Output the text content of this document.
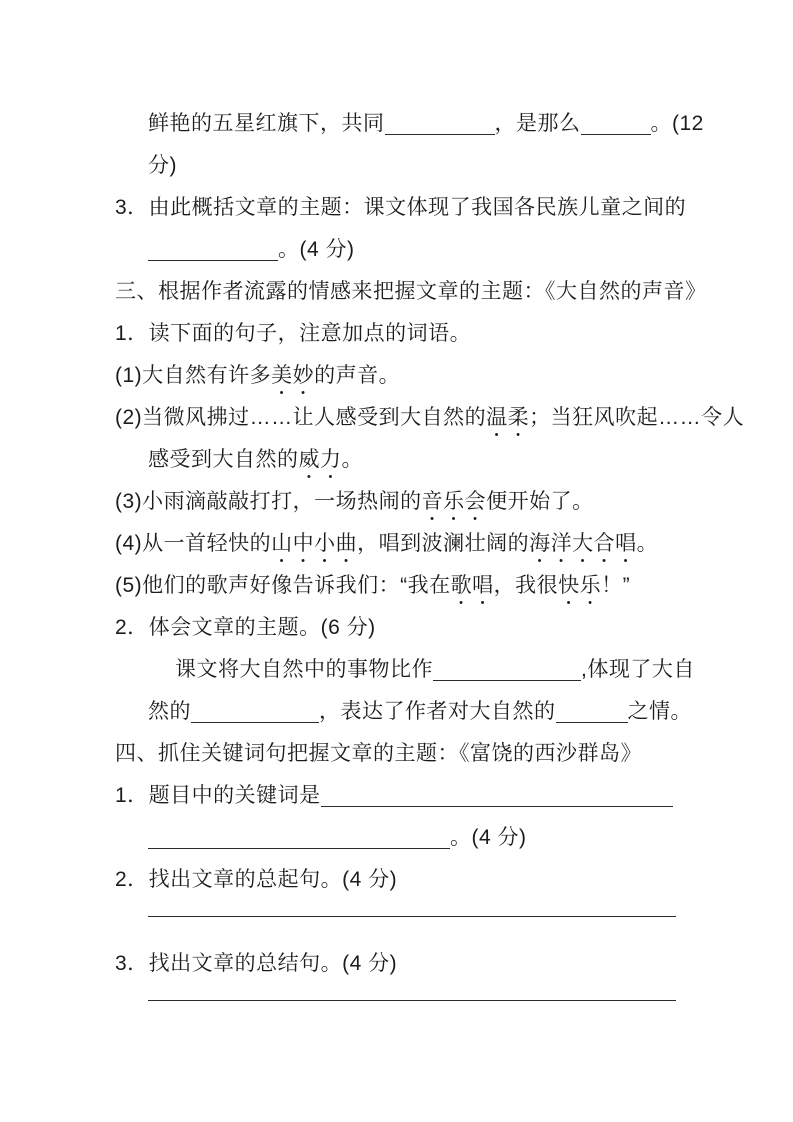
鲜艳的五星红旗下，共同	，是那么	。(12
分)
3．由此概括文章的主题：课文体现了我国各民族儿童之间的
。(4 分)
三、根据作者流露的情感来把握文章的主题：《大自然的声音》
1．读下面的句子，注意加点的词语。
(1)大自然有许多美妙的声音。
(2)当微风拂过……让人感受到大自然的温柔；当狂风吹起……令人
感受到大自然的威力。
(3)小雨滴敲敲打打，一场热闹的音乐会便开始了。
(4)从一首轻快的山中小曲，唱到波澜壮阔的海洋大合唱。
(5)他们的歌声好像告诉我们：“我在歌唱，我很快乐！”
2．体会文章的主题。(6 分)
课文将大自然中的事物比作	,体现了大自
然的	，表达了作者对大自然的	之情。
四、抓住关键词句把握文章的主题：《富饶的西沙群岛》
1．题目中的关键词是
。(4 分)
2．找出文章的总起句。(4 分)
3．找出文章的总结句。(4 分)
